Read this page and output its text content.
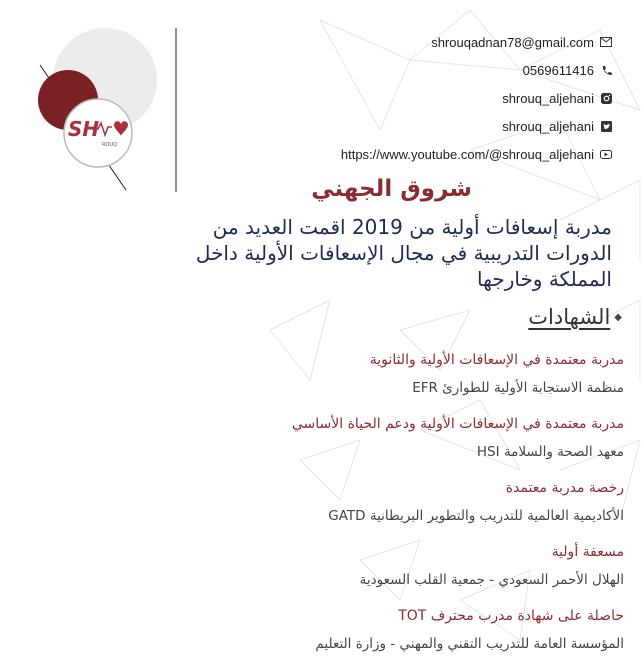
SH
ROUQ
shrouqadnan78@gmail.com
0569611416
shrouq_aljehani
shrouq_aljehani
https://www.youtube.com/@shrouq_aljehani
شروق الجهني
مدربة إسعافات أولية من 2019 اقمت العديد من الدورات التدريبية في مجال الإسعافات الأولية داخل المملكة وخارجها
◆
الشهادات
مدربة معتمدة في الإسعافات الأولية والثانوية
منظمة الاستجابة الأولية للطوارئ EFR
مدربة معتمدة في الإسعافات الأولية ودعم الحياة الأساسي
معهد الصحة والسلامة HSI
رخصة مدربة معتمدة
الأكاديمية العالمية للتدريب والتطوير البريطانية GATD
مسعفة أولية
الهلال الأحمر السعودي - جمعية القلب السعودية
حاصلة على شهادة مدرب محترف TOT
المؤسسة العامة للتدريب التقني والمهني - وزارة التعليم
